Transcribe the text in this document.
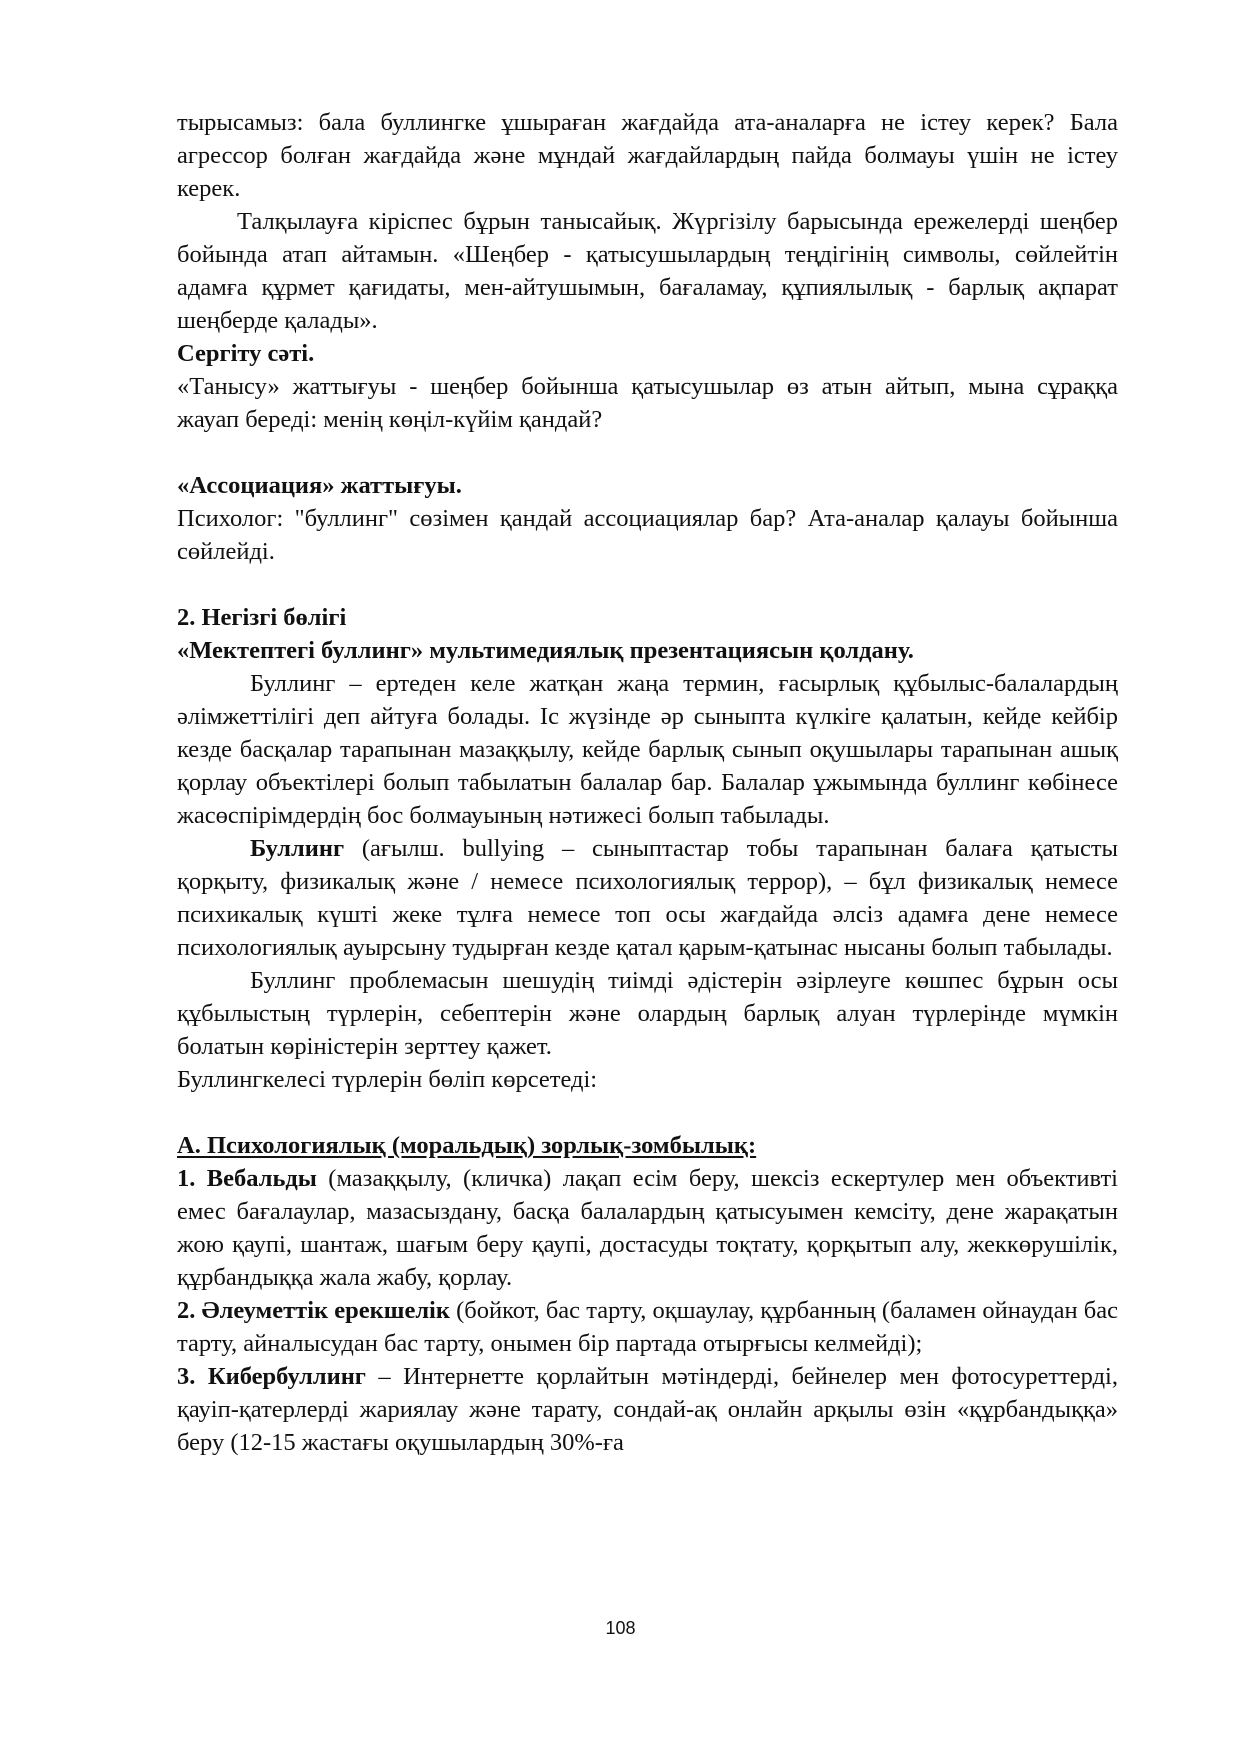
тырысамыз: бала буллингке ұшыраған жағдайда ата-аналарға не істеу керек? Бала агрессор болған жағдайда және мұндай жағдайлардың пайда болмауы үшін не істеу керек.

Талқылауға кіріспес бұрын танысайық. Жүргізілу барысында ережелерді шеңбер бойында атап айтамын. «Шеңбер - қатысушылардың теңдігінің символы, сөйлейтін адамға құрмет қағидаты, мен-айтушымын, бағаламау, құпиялылық - барлық ақпарат шеңберде қалады».

Сергіту сәті.

«Танысу» жаттығуы - шеңбер бойынша қатысушылар өз атын айтып, мына сұраққа жауап береді: менің көңіл-күйім қандай?

«Ассоциация» жаттығуы.

Психолог: "буллинг" сөзімен қандай ассоциациялар бар? Ата-аналар қалауы бойынша сөйлейді.

2. Негізгі бөлігі

«Мектептегі буллинг» мультимедиялық презентациясын қолдану.

Буллинг – ертеден келе жатқан жаңа термин, ғасырлық құбылыс-балалардың әлімжеттілігі деп айтуға болады. Іс жүзінде әр сыныпта күлкіге қалатын, кейде кейбір кезде басқалар тарапынан мазаққылу, кейде барлық сынып оқушылары тарапынан ашық қорлау объектілері болып табылатын балалар бар. Балалар ұжымында буллинг көбінесе жасөспірімдердің бос болмауының нәтижесі болып табылады.

Буллинг (ағылш. bullying – сыныптастар тобы тарапынан балаға қатысты қорқыту, физикалық және / немесе психологиялық террор), – бұл физикалық немесе психикалық күшті жеке тұлға немесе топ осы жағдайда әлсіз адамға дене немесе психологиялық ауырсыну тудырған кезде қатал қарым-қатынас нысаны болып табылады.

Буллинг проблемасын шешудің тиімді әдістерін әзірлеуге көшпес бұрын осы құбылыстың түрлерін, себептерін және олардың барлық алуан түрлерінде мүмкін болатын көріністерін зерттеу қажет.

Буллингкелесі түрлерін бөліп көрсетеді:

А. Психологиялық (моральдық) зорлық-зомбылық:

1. Вебальды (мазаққылу, (кличка) лақап есім беру, шексіз ескертулер мен объективті емес бағалаулар, мазасыздану, басқа балалардың қатысуымен кемсіту, дене жарақатын жою қаупі, шантаж, шағым беру қаупі, достасуды тоқтату, қорқытып алу, жеккөрушілік, құрбандыққа жала жабу, қорлау.

2. Әлеуметтік ерекшелік (бойкот, бас тарту, оқшаулау, құрбанның (баламен ойнаудан бас тарту, айналысудан бас тарту, онымен бір партада отырғысы келмейді);

3. Кибербуллинг – Интернетте қорлайтын мәтіндерді, бейнелер мен фотосуреттерді, қауіп-қатерлерді жариялау және тарату, сондай-ақ онлайн арқылы өзін «құрбандыққа» беру (12-15 жастағы оқушылардың 30%-ға

108
